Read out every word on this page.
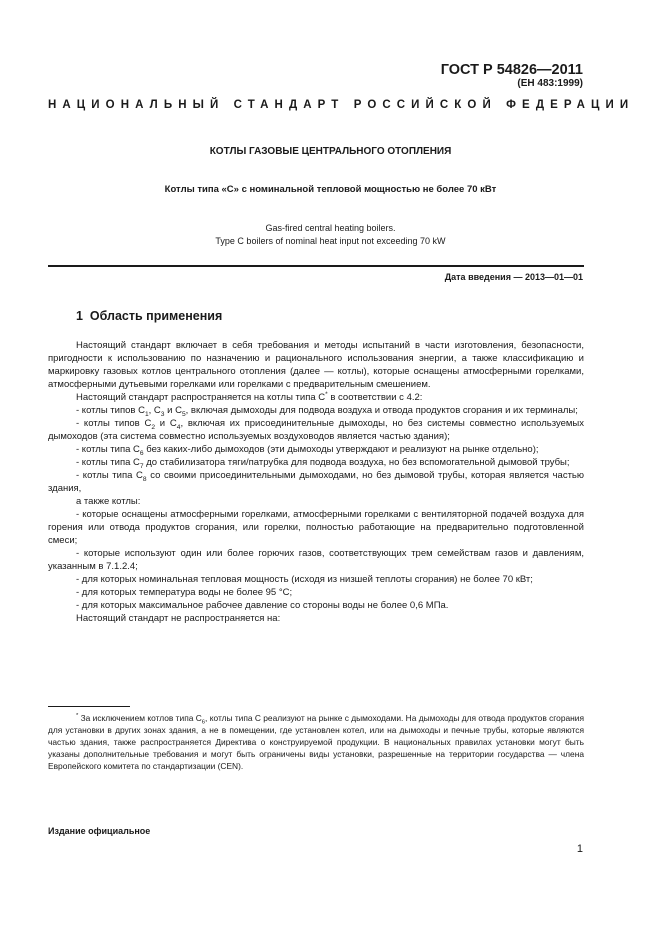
ГОСТ Р 54826—2011
(ЕН 483:1999)
НАЦИОНАЛЬНЫЙ СТАНДАРТ РОССИЙСКОЙ ФЕДЕРАЦИИ
КОТЛЫ ГАЗОВЫЕ ЦЕНТРАЛЬНОГО ОТОПЛЕНИЯ
Котлы типа «С» с номинальной тепловой мощностью не более 70 кВт
Gas-fired central heating boilers.
Type C boilers of nominal heat input not exceeding 70 kW
Дата введения — 2013—01—01
1 Область применения

Настоящий стандарт включает в себя требования и методы испытаний в части изготовления, безопасности, пригодности к использованию по назначению и рационального использования энергии, а также классификацию и маркировку газовых котлов центрального отопления (далее — котлы), которые оснащены атмосферными горелками, атмосферными дутьевыми горелками или горелками с предварительным смешением.

Настоящий стандарт распространяется на котлы типа С* в соответствии с 4.2:

- котлы типов $С_1$, $С_3$ и $С_5$, включая дымоходы для подвода воздуха и отвода продуктов сгорания и их терминалы;

- котлы типов $С_2$ и $С_4$, включая их присоединительные дымоходы, но без системы совместно используемых дымоходов (эта система совместно используемых воздуховодов является частью здания);

- котлы типа $С_6$ без каких-либо дымоходов (эти дымоходы утверждают и реализуют на рынке отдельно);

- котлы типа $С_7$ до стабилизатора тяги/патрубка для подвода воздуха, но без вспомогательной дымовой трубы;

- котлы типа $С_8$ со своими присоединительными дымоходами, но без дымовой трубы, которая является частью здания,

а также котлы:

- которые оснащены атмосферными горелками, атмосферными горелками с вентиляторной подачей воздуха для горения или отвода продуктов сгорания, или горелки, полностью работающие на предварительно подготовленной смеси;

- которые используют один или более горючих газов, соответствующих трем семействам газов и давлениям, указанным в 7.1.2.4;

- для которых номинальная тепловая мощность (исходя из низшей теплоты сгорания) не более 70 кВт;

- для которых температура воды не более 95 °С;

- для которых максимальное рабочее давление со стороны воды не более 0,6 МПа.

Настоящий стандарт не распространяется на:

* За исключением котлов типа $С_6$, котлы типа С реализуют на рынке с дымоходами. На дымоходы для отвода продуктов сгорания для установки в других зонах здания, а не в помещении, где установлен котел, или на дымоходы и печные трубы, которые являются частью здания, также распространяется Директива о конструируемой продукции. В национальных правилах установки могут быть указаны дополнительные требования и могут быть ограничены виды установки, разрешенные на территории государства — члена Европейского комитета по стандартизации (CEN).
Издание официальное
1
